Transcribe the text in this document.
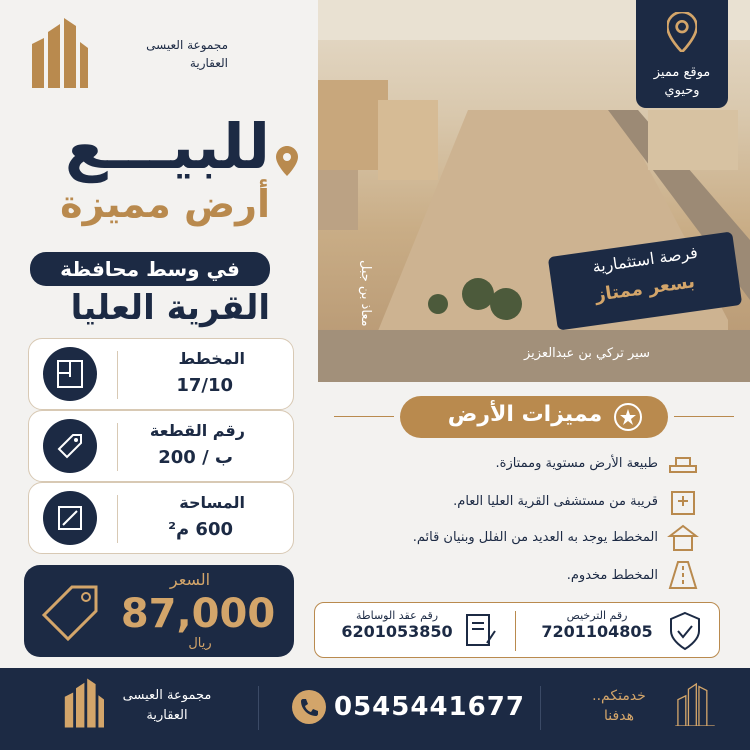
مجموعة العيسى
العقارية
للبيـــع
أرض مميزة
في وسط محافظة
القرية العليا
المخطط
17/10
رقم القطعة
ب / 200
المساحة
600 م²
السعر
87,000
ريال
سير تركي بن عبدالعزيز
معاذ بن جبل
موقع مميز
وحيوي
فرصة استثمارية
بسعر ممتاز
مميزات الأرض
طبيعة الأرض مستوية وممتازة.
قريبة من مستشفى القرية العليا العام.
المخطط يوجد به العديد من الفلل وبنيان قائم.
المخطط مخدوم.
رقم عقد الوساطة
6201053850
رقم الترخيص
7201104805
مجموعة العيسى
العقارية	0545441677	خدمتكم..
هدفنا
